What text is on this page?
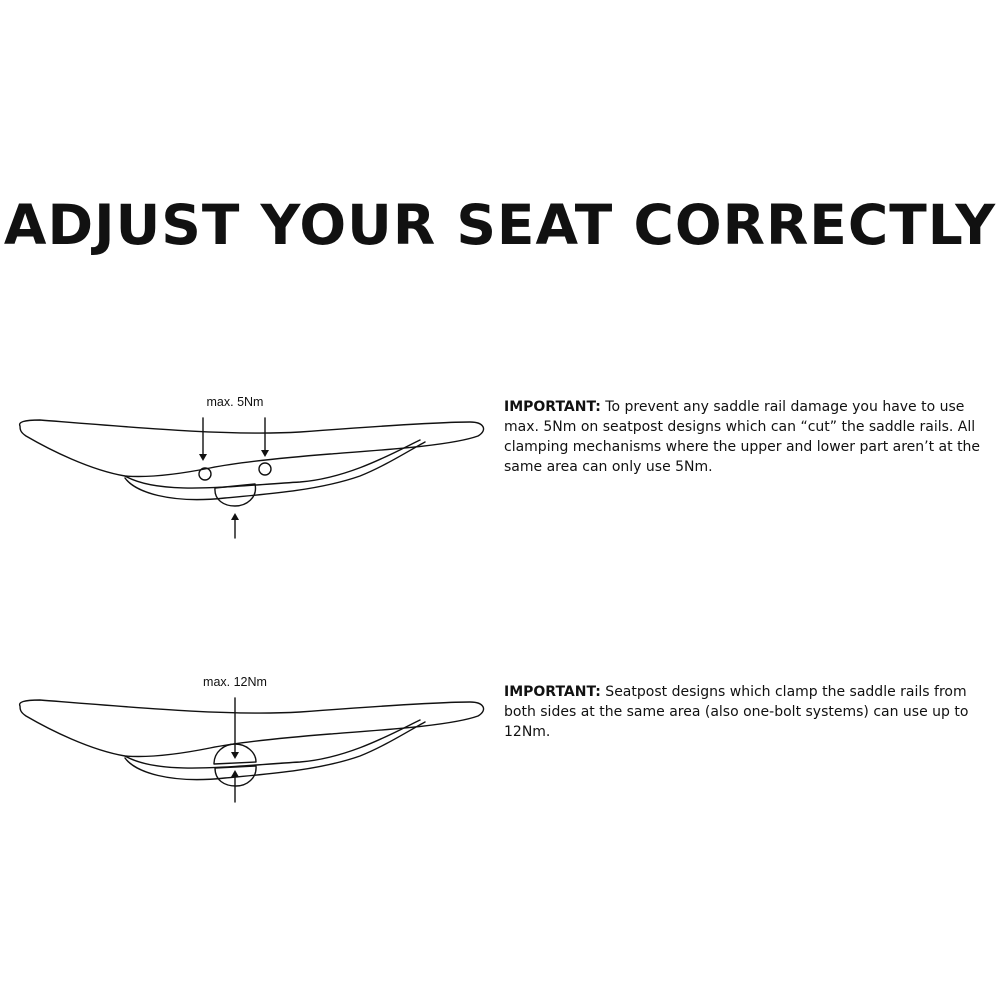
ADJUST YOUR SEAT CORRECTLY
max. 5Nm	IMPORTANT: To prevent any saddle rail damage you have to use max. 5Nm on seatpost designs which can “cut” the saddle rails. All clamping mechanisms where the upper and lower part aren’t at the same area can only use 5Nm.

max. 12Nm

IMPORTANT: Seatpost designs which clamp the saddle rails from both sides at the same area (also one-bolt systems) can use up to 12Nm.
